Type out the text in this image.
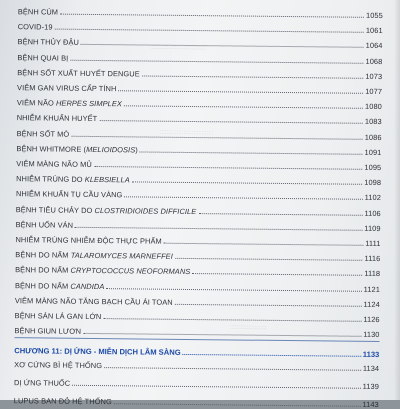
::::::::::::::::::::::::::::::::::
::::::::::::::::::::::::::::::::
::::::::::::::::::::::
BỆNH CÚM	1055
COVID-19	1061
BỆNH THỦY ĐẬU	1064
BỆNH QUAI BỊ	1068
BỆNH SỐT XUẤT HUYẾT DENGUE	1073
VIÊM GAN VIRUS CẤP TÍNH	1077
VIÊM NÃO HERPES SIMPLEX	1080
NHIỄM KHUẨN HUYẾT	1083
BỆNH SỐT MÒ	1086
BỆNH WHITMORE (MELIOIDOSIS)	1091
VIÊM MÀNG NÃO MỦ	1095
NHIỄM TRÙNG DO KLEBSIELLA	1098
NHIỄM KHUẨN TỤ CẦU VÀNG	1102
BỆNH TIÊU CHẢY DO CLOSTRIDIOIDES DIFFICILE	1106
BỆNH UỐN VÁN	1109
NHIỄM TRÙNG NHIỄM ĐỘC THỰC PHẨM	1111
BỆNH DO NẤM TALAROMYCES MARNEFFEI	1116
BỆNH DO NẤM CRYPTOCOCCUS NEOFORMANS	1118
BỆNH DO NẤM CANDIDA	1121
VIÊM MÀNG NÃO TĂNG BẠCH CẦU ÁI TOAN	1124
BỆNH SÁN LÁ GAN LỚN	1126
BỆNH GIUN LƯƠN	1130
CHƯƠNG 11: DỊ ỨNG - MIỄN DỊCH LÂM SÀNG	1133
XƠ CỨNG BÌ HỆ THỐNG	1134
DỊ ỨNG THUỐC	1139
LUPUS BAN ĐỎ HỆ THỐNG	1143
